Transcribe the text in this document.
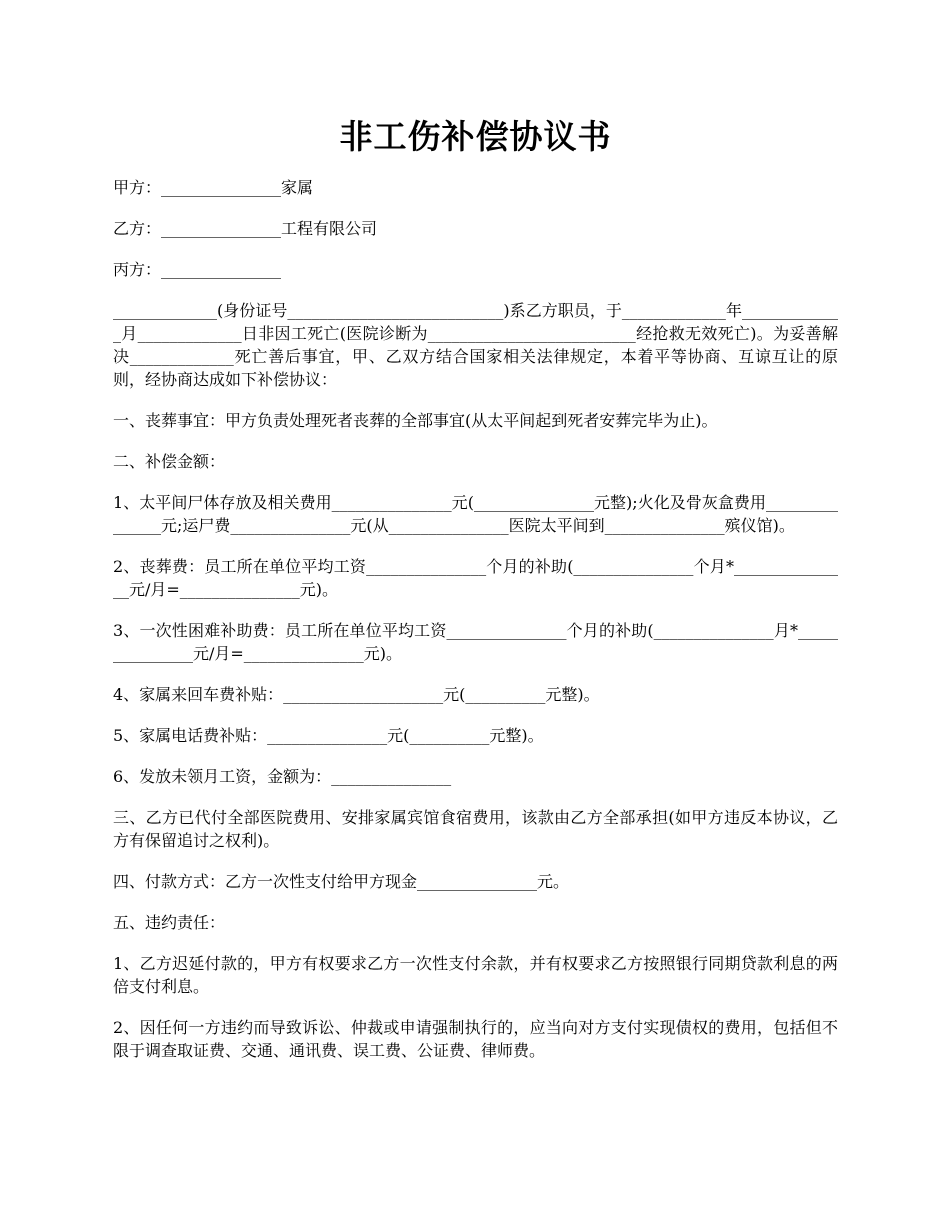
非工伤补偿协议书

甲方：_______________家属

乙方：_______________工程有限公司

丙方：_______________

_____________(身份证号___________________________)系乙方职员，于_____________年_____________月_____________日非因工死亡(医院诊断为__________________________经抢救无效死亡)。为妥善解决_____________死亡善后事宜，甲、乙双方结合国家相关法律规定，本着平等协商、互谅互让的原则，经协商达成如下补偿协议：

一、丧葬事宜：甲方负责处理死者丧葬的全部事宜(从太平间起到死者安葬完毕为止)。

二、补偿金额：

1、太平间尸体存放及相关费用_______________元(_______________元整);火化及骨灰盒费用_______________元;运尸费_______________元(从_______________医院太平间到_______________殡仪馆)。

2、丧葬费：员工所在单位平均工资_______________个月的补助(_______________个月*_______________元/月=_______________元)。

3、一次性困难补助费：员工所在单位平均工资_______________个月的补助(_______________月*_______________元/月=_______________元)。

4、家属来回车费补贴：____________________元(__________元整)。

5、家属电话费补贴：_______________元(__________元整)。

6、发放未领月工资，金额为：_______________

三、乙方已代付全部医院费用、安排家属宾馆食宿费用，该款由乙方全部承担(如甲方违反本协议，乙方有保留追讨之权利)。

四、付款方式：乙方一次性支付给甲方现金_______________元。

五、违约责任：

1、乙方迟延付款的，甲方有权要求乙方一次性支付余款，并有权要求乙方按照银行同期贷款利息的两倍支付利息。

2、因任何一方违约而导致诉讼、仲裁或申请强制执行的，应当向对方支付实现债权的费用，包括但不限于调查取证费、交通、通讯费、误工费、公证费、律师费。
